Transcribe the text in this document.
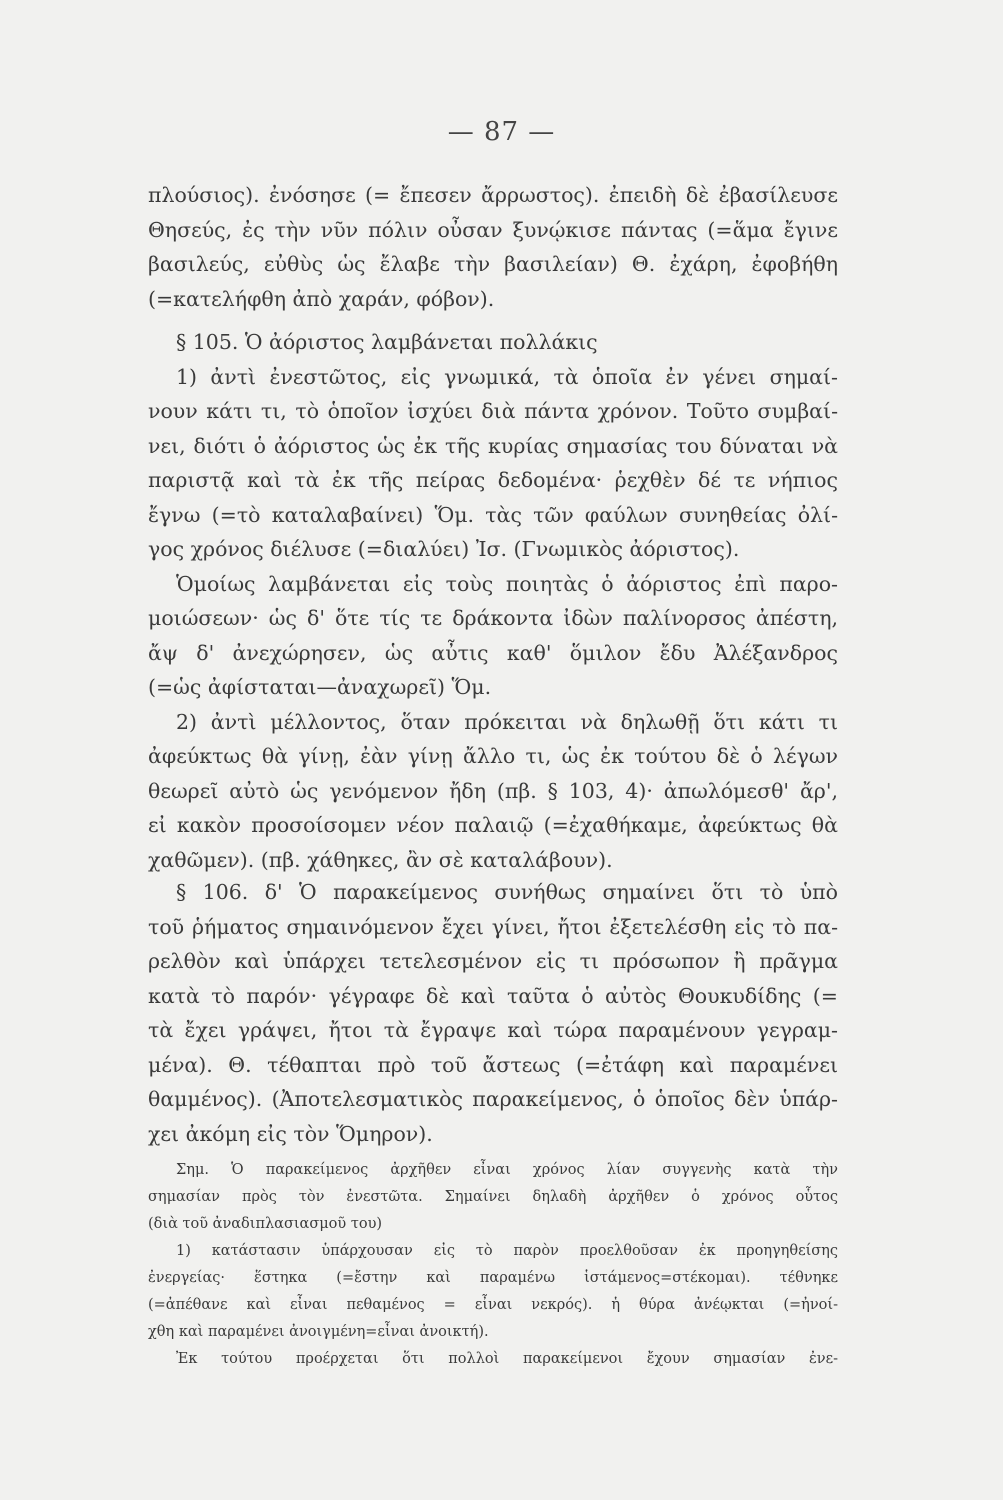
— 87 —
πλούσιος). ἐνόσησε (= ἔπεσεν ἄρρωστος). ἐπειδὴ δὲ ἐβασίλευσε
Θησεύς, ἐς τὴν νῦν πόλιν οὖσαν ξυνῴκισε πάντας (=ἅμα ἔγινε
βασιλεύς, εὐθὺς ὡς ἔλαβε τὴν βασιλείαν) Θ. ἐχάρη, ἐφοβήθη
(=κατελήφθη ἀπὸ χαράν, φόβον).
§ 105. Ὁ ἀόριστος λαμβάνεται πολλάκις
1) ἀντὶ ἐνεστῶτος, εἰς γνωμικά, τὰ ὁποῖα ἐν γένει σημαί-
νουν κάτι τι, τὸ ὁποῖον ἰσχύει διὰ πάντα χρόνον. Τοῦτο συμβαί-
νει, διότι ὁ ἀόριστος ὡς ἐκ τῆς κυρίας σημασίας του δύναται νὰ
παριστᾷ καὶ τὰ ἐκ τῆς πείρας δεδομένα· ῥεχθὲν δέ τε νήπιος
ἔγνω (=τὸ καταλαβαίνει) Ὅμ. τὰς τῶν φαύλων συνηθείας ὀλί-
γος χρόνος διέλυσε (=διαλύει) Ἰσ. (Γνωμικὸς ἀόριστος).
Ὁμοίως λαμβάνεται εἰς τοὺς ποιητὰς ὁ ἀόριστος ἐπὶ παρο-
μοιώσεων· ὡς δ' ὅτε τίς τε δράκοντα ἰδὼν παλίνορσος ἀπέστη,
ἄψ δ' ἀνεχώρησεν, ὡς αὖτις καθ' ὅμιλον ἔδυ Ἀλέξανδρος
(=ὡς ἀφίσταται—ἀναχωρεῖ) Ὅμ.
2) ἀντὶ μέλλοντος, ὅταν πρόκειται νὰ δηλωθῇ ὅτι κάτι τι
ἀφεύκτως θὰ γίνῃ, ἐὰν γίνῃ ἄλλο τι, ὡς ἐκ τούτου δὲ ὁ λέγων
θεωρεῖ αὐτὸ ὡς γενόμενον ἤδη (πβ. § 103, 4)· ἀπωλόμεσθ' ἄρ',
εἰ κακὸν προσοίσομεν νέον παλαιῷ (=ἐχαθήκαμε, ἀφεύκτως θὰ
χαθῶμεν). (πβ. χάθηκες, ἂν σὲ καταλάβουν).
§ 106. δ' Ὁ παρακείμενος συνήθως σημαίνει ὅτι τὸ ὑπὸ
τοῦ ῥήματος σημαινόμενον ἔχει γίνει, ἤτοι ἐξετελέσθη εἰς τὸ πα-
ρελθὸν καὶ ὑπάρχει τετελεσμένον εἰς τι πρόσωπον ἢ πρᾶγμα
κατὰ τὸ παρόν· γέγραφε δὲ καὶ ταῦτα ὁ αὐτὸς Θουκυδίδης (=
τὰ ἔχει γράψει, ἤτοι τὰ ἔγραψε καὶ τώρα παραμένουν γεγραμ-
μένα). Θ. τέθαπται πρὸ τοῦ ἄστεως (=ἐτάφη καὶ παραμένει
θαμμένος). (Ἀποτελεσματικὸς παρακείμενος, ὁ ὁποῖος δὲν ὑπάρ-
χει ἀκόμη εἰς τὸν Ὅμηρον).
Σημ. Ὁ παρακείμενος ἀρχῆθεν εἶναι χρόνος λίαν συγγενὴς κατὰ τὴν
σημασίαν πρὸς τὸν ἐνεστῶτα. Σημαίνει δηλαδὴ ἀρχῆθεν ὁ χρόνος οὗτος
(διὰ τοῦ ἀναδιπλασιασμοῦ του)
1) κατάστασιν ὑπάρχουσαν εἰς τὸ παρὸν προελθοῦσαν ἐκ προηγηθείσης
ἐνεργείας· ἕστηκα (=ἔστην καὶ παραμένω ἱστάμενος=στέκομαι). τέθνηκε
(=ἀπέθανε καὶ εἶναι πεθαμένος = εἶναι νεκρός). ἡ θύρα ἀνέῳκται (=ἠνοί-
χθη καὶ παραμένει ἀνοιγμένη=εἶναι ἀνοικτή).
Ἐκ τούτου προέρχεται ὅτι πολλοὶ παρακείμενοι ἔχουν σημασίαν ἐνε-
